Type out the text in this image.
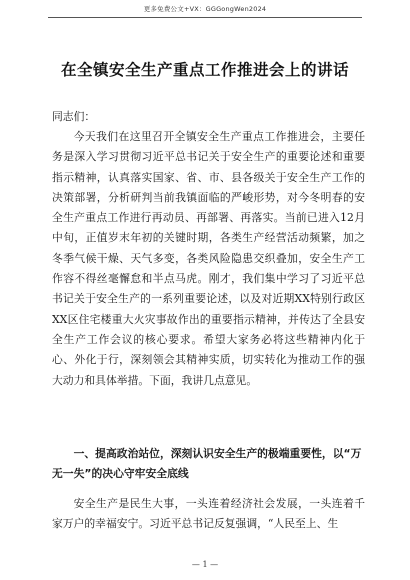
更多免费公文+VX：GGGongWen2024
在全镇安全生产重点工作推进会上的讲话
同志们：

今天我们在这里召开全镇安全生产重点工作推进会，主要任务是深入学习贯彻习近平总书记关于安全生产的重要论述和重要指示精神，认真落实国家、省、市、县各级关于安全生产工作的决策部署，分析研判当前我镇面临的严峻形势，对今冬明春的安全生产重点工作进行再动员、再部署、再落实。当前已进入12月中旬，正值岁末年初的关键时期，各类生产经营活动频繁，加之冬季气候干燥、天气多变，各类风险隐患交织叠加，安全生产工作容不得丝毫懈怠和半点马虎。刚才，我们集中学习了习近平总书记关于安全生产的一系列重要论述，以及对近期XX特别行政区XX区住宅楼重大火灾事故作出的重要指示精神，并传达了全县安全生产工作会议的核心要求。希望大家务必将这些精神内化于心、外化于行，深刻领会其精神实质，切实转化为推动工作的强大动力和具体举措。下面，我讲几点意见。

一、提高政治站位，深刻认识安全生产的极端重要性，以“万无一失”的决心守牢安全底线

安全生产是民生大事，一头连着经济社会发展，一头连着千家万户的幸福安宁。习近平总书记反复强调，“人民至上、生

— 1 —
